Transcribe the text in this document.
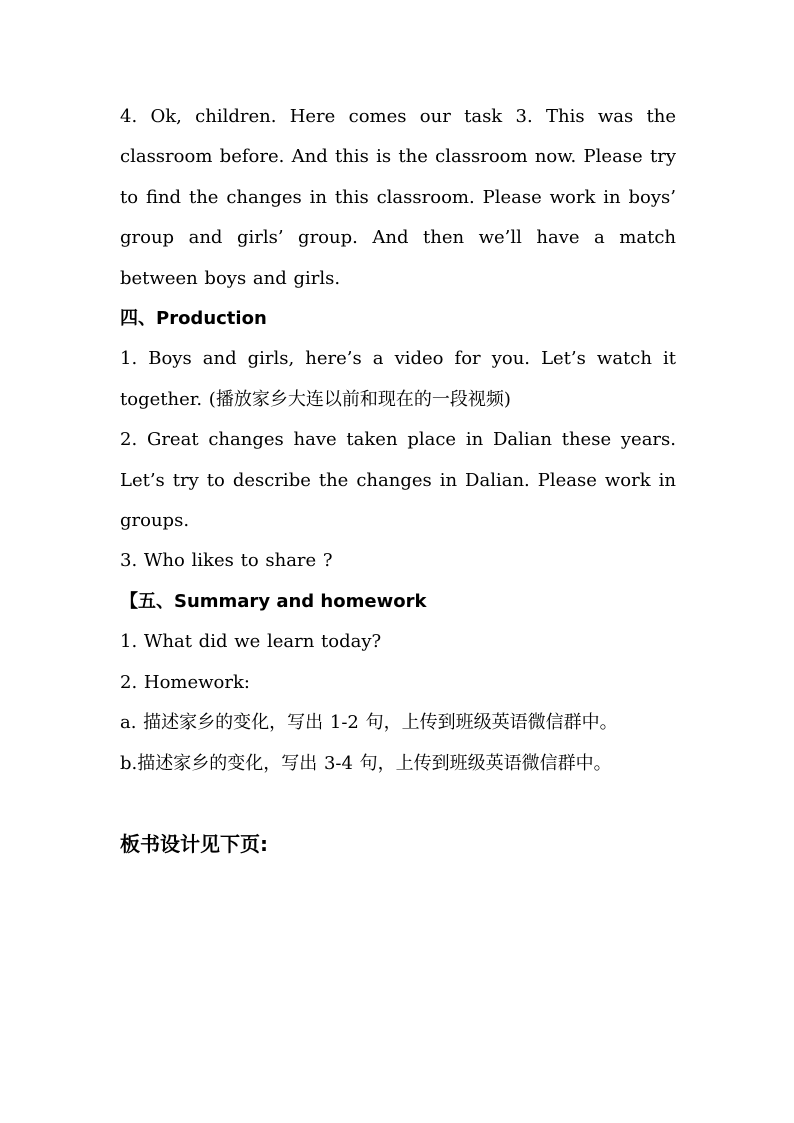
4. Ok, children. Here comes our task 3. This was the classroom before. And this is the classroom now. Please try to find the changes in this classroom. Please work in boys’ group and girls’ group. And then we’ll have a match between boys and girls.

四、Production

1. Boys and girls, here’s a video for you. Let’s watch it together. (播放家乡大连以前和现在的一段视频)

2. Great changes have taken place in Dalian these years. Let’s try to describe the changes in Dalian. Please work in groups.

3. Who likes to share ?

【五、Summary and homework

1. What did we learn today?

2. Homework:

a. 描述家乡的变化，写出 1-2 句，上传到班级英语微信群中。

b.描述家乡的变化，写出 3-4 句，上传到班级英语微信群中。

板书设计见下页:
